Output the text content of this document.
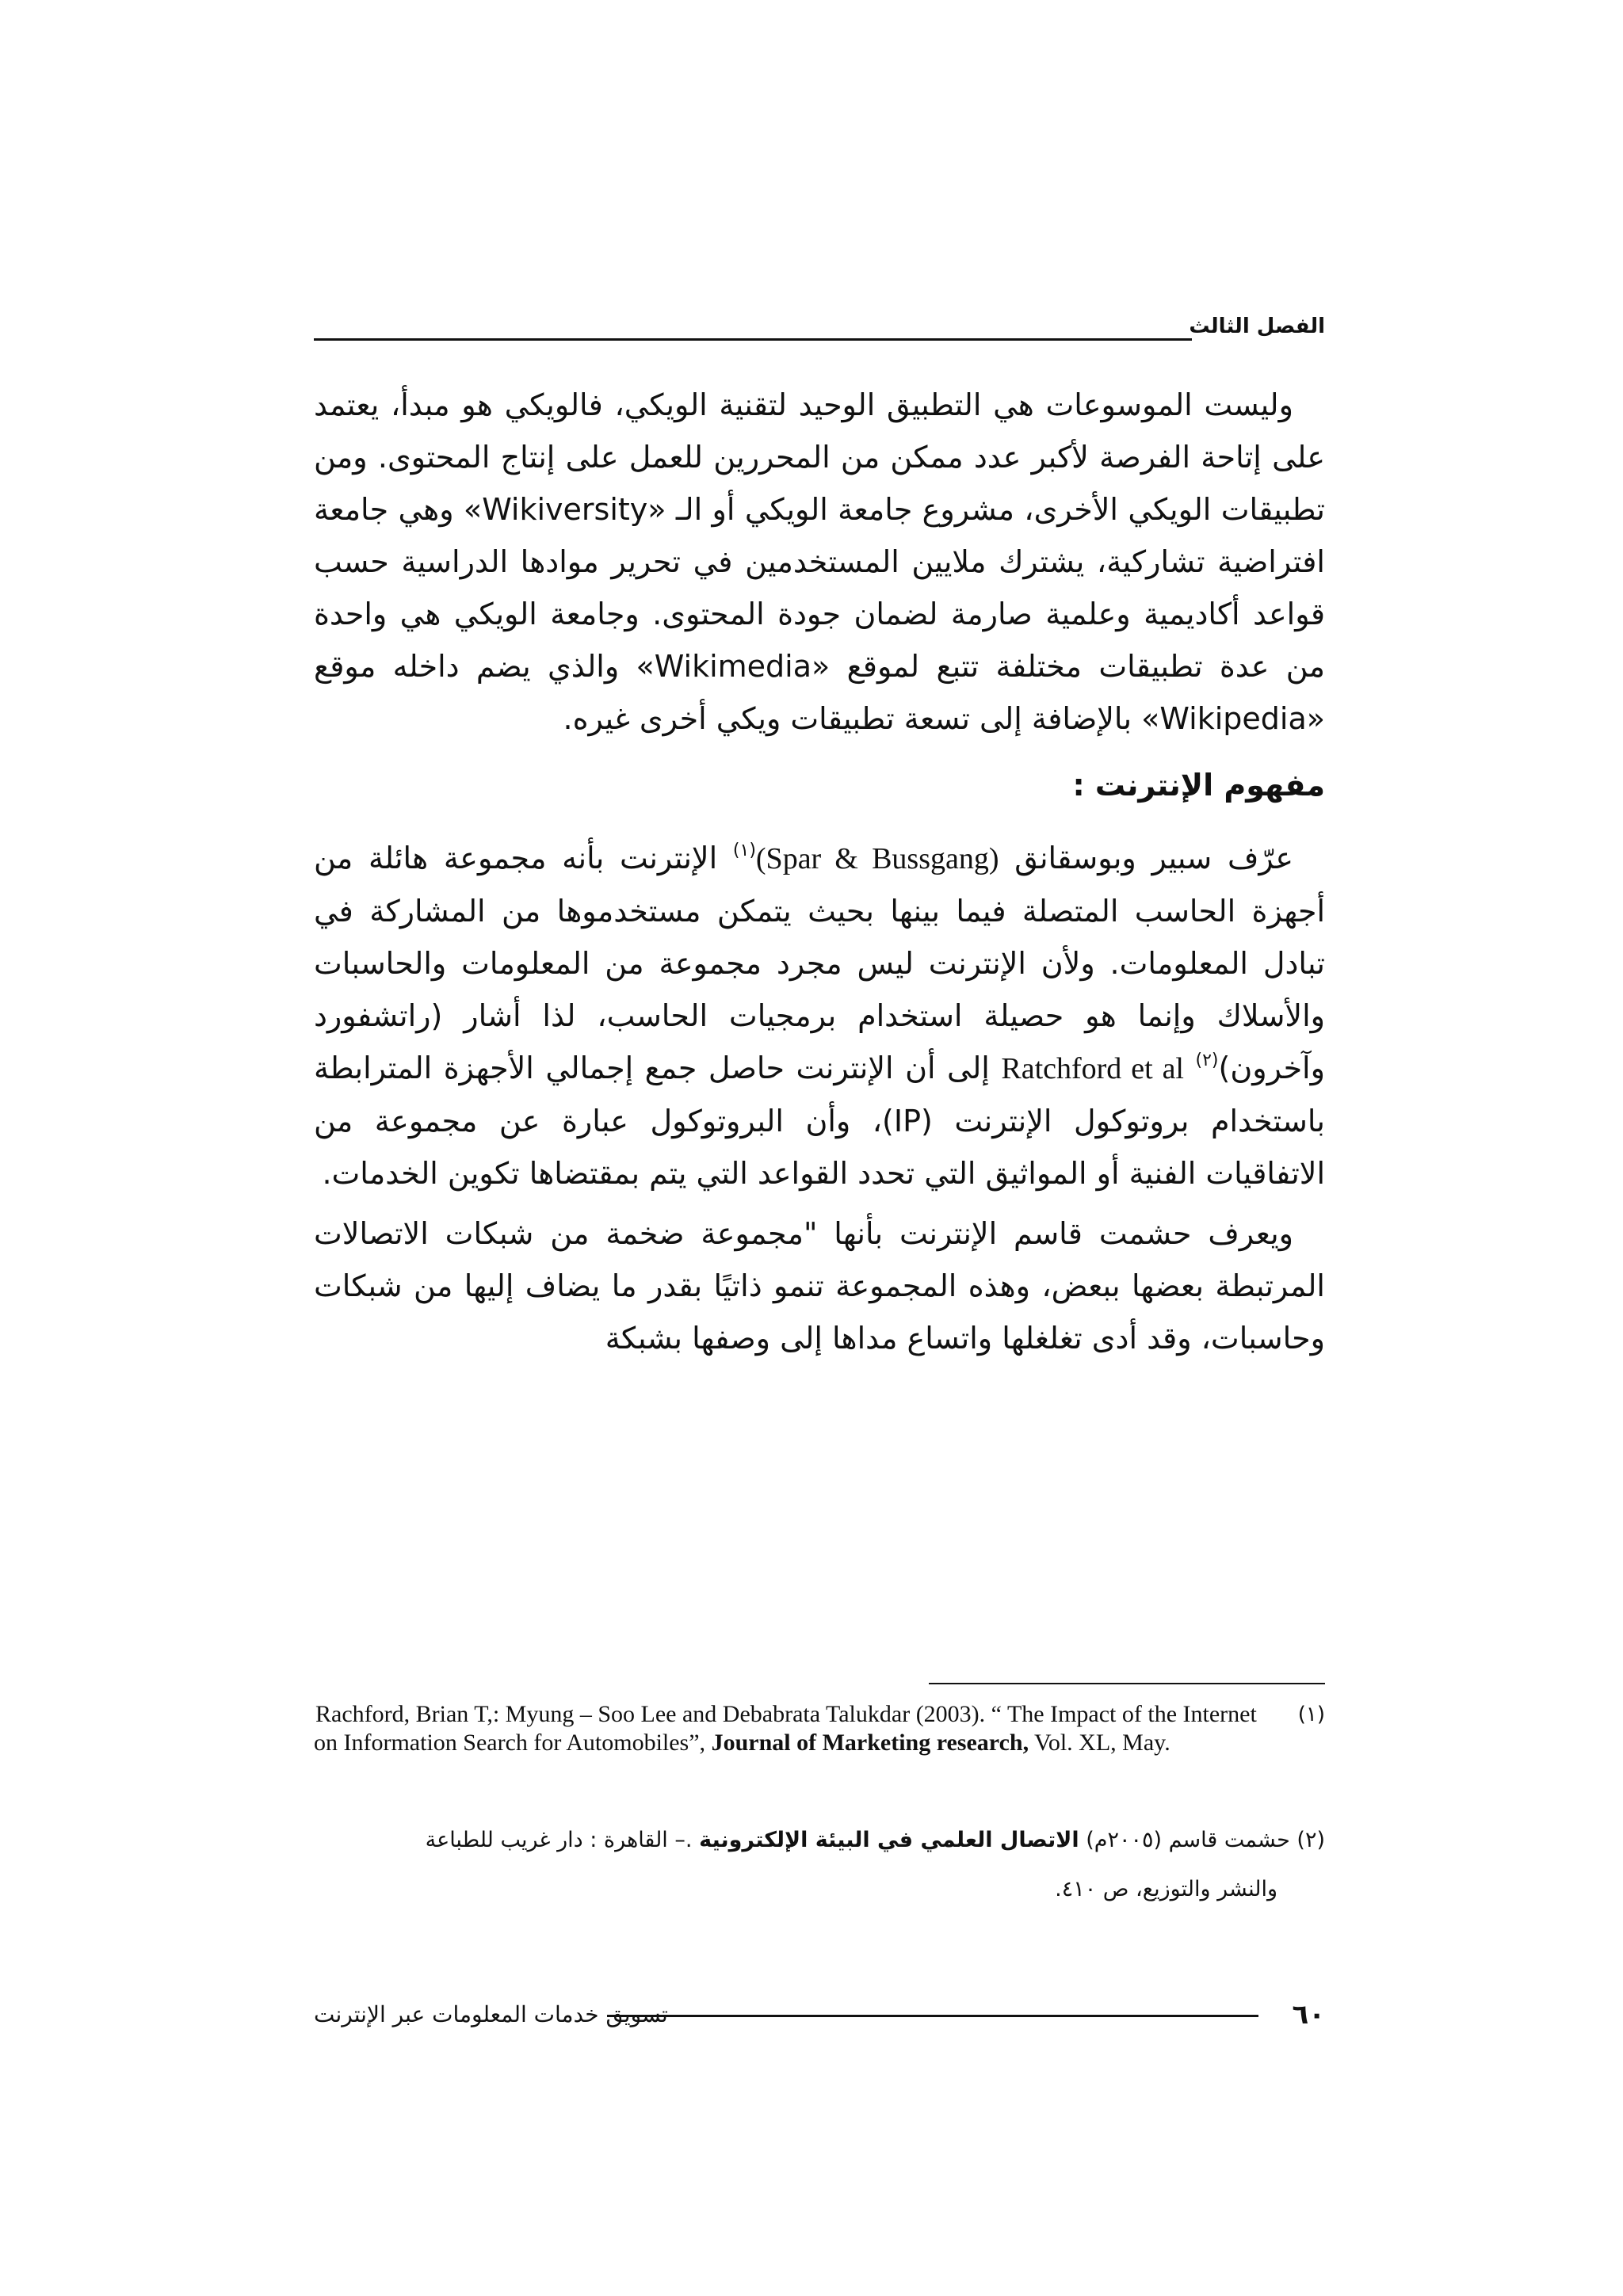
الفصل الثالث

وليست الموسوعات هي التطبيق الوحيد لتقنية الويكي، فالويكي هو مبدأ، يعتمد على إتاحة الفرصة لأكبر عدد ممكن من المحررين للعمل على إنتاج المحتوى. ومن تطبيقات الويكي الأخرى، مشروع جامعة الويكي أو الـ «Wikiversity» وهي جامعة افتراضية تشاركية، يشترك ملايين المستخدمين في تحرير موادها الدراسية حسب قواعد أكاديمية وعلمية صارمة لضمان جودة المحتوى. وجامعة الويكي هي واحدة من عدة تطبيقات مختلفة تتبع لموقع «Wikimedia» والذي يضم داخله موقع «Wikipedia» بالإضافة إلى تسعة تطبيقات ويكي أخرى غيره.

مفهوم الإنترنت :

عرّف سبير وبوسقانق (Spar & Bussgang)$^{(١)}$ الإنترنت بأنه مجموعة هائلة من أجهزة الحاسب المتصلة فيما بينها بحيث يتمكن مستخدموها من المشاركة في تبادل المعلومات. ولأن الإنترنت ليس مجرد مجموعة من المعلومات والحاسبات والأسلاك وإنما هو حصيلة استخدام برمجيات الحاسب، لذا أشار (راتشفورد وآخرون)$^{(٢)}$ Ratchford et al إلى أن الإنترنت حاصل جمع إجمالي الأجهزة المترابطة باستخدام بروتوكول الإنترنت (IP)، وأن البروتوكول عبارة عن مجموعة من الاتفاقيات الفنية أو المواثيق التي تحدد القواعد التي يتم بمقتضاها تكوين الخدمات.

ويعرف حشمت قاسم الإنترنت بأنها "مجموعة ضخمة من شبكات الاتصالات المرتبطة بعضها ببعض، وهذه المجموعة تنمو ذاتيًا بقدر ما يضاف إليها من شبكات وحاسبات، وقد أدى تغلغلها واتساع مداها إلى وصفها بشبكة

(١)
Rachford, Brian T,: Myung – Soo Lee and Debabrata Talukdar (2003). “ The Impact of the Internet on Information Search for Automobiles”, Journal of Marketing research, Vol. XL, May.
(٢) حشمت قاسم (٢٠٠٥م) الاتصال العلمي في البيئة الإلكترونية .– القاهرة : دار غريب للطباعة
والنشر والتوزيع، ص ٤١٠.
٦٠
تسويق خدمات المعلومات عبر الإنترنت
